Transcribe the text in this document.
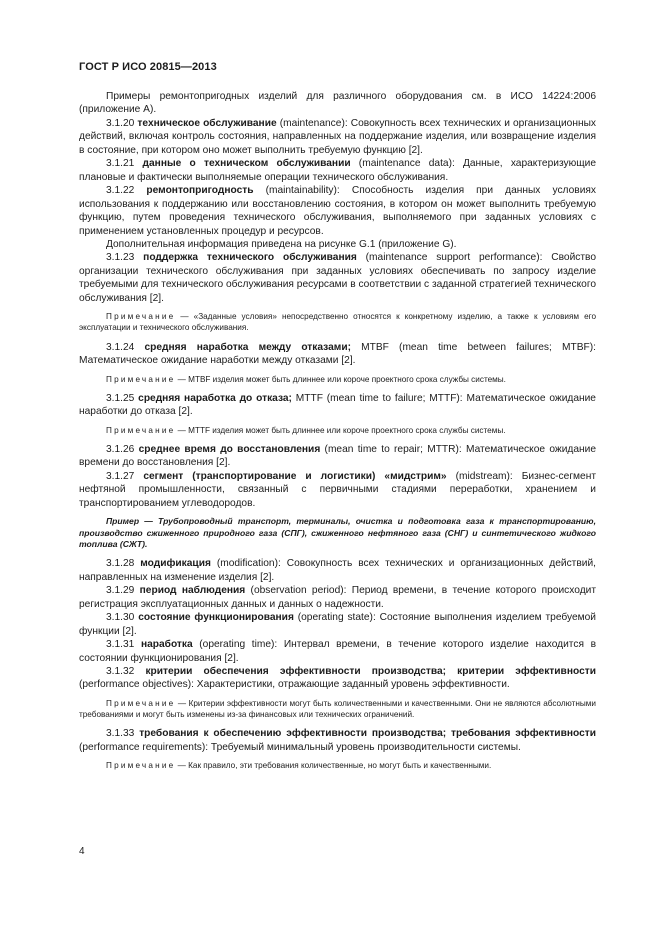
ГОСТ Р ИСО 20815—2013

Примеры ремонтопригодных изделий для различного оборудования см. в ИСО 14224:2006 (приложение А).

3.1.20 техническое обслуживание (maintenance): Совокупность всех технических и организационных действий, включая контроль состояния, направленных на поддержание изделия, или возвращение изделия в состояние, при котором оно может выполнить требуемую функцию [2].

3.1.21 данные о техническом обслуживании (maintenance data): Данные, характеризующие плановые и фактически выполняемые операции технического обслуживания.

3.1.22 ремонтопригодность (maintainability): Способность изделия при данных условиях использования к поддержанию или восстановлению состояния, в котором он может выполнить требуемую функцию, путем проведения технического обслуживания, выполняемого при заданных условиях с применением установленных процедур и ресурсов.

Дополнительная информация приведена на рисунке G.1 (приложение G).

3.1.23 поддержка технического обслуживания (maintenance support performance): Свойство организации технического обслуживания при заданных условиях обеспечивать по запросу изделие требуемыми для технического обслуживания ресурсами в соответствии с заданной стратегией технического обслуживания [2].

Примечание — «Заданные условия» непосредственно относятся к конкретному изделию, а также к условиям его эксплуатации и технического обслуживания.

3.1.24 средняя наработка между отказами; MTBF (mean time between failures; MTBF): Математическое ожидание наработки между отказами [2].

Примечание — MTBF изделия может быть длиннее или короче проектного срока службы системы.

3.1.25 средняя наработка до отказа; MTTF (mean time to failure; MTTF): Математическое ожидание наработки до отказа [2].

Примечание — MTTF изделия может быть длиннее или короче проектного срока службы системы.

3.1.26 среднее время до восстановления (mean time to repair; MTTR): Математическое ожидание времени до восстановления [2].

3.1.27 сегмент (транспортирование и логистики) «мидстрим» (midstream): Бизнес-сегмент нефтяной промышленности, связанный с первичными стадиями переработки, хранением и транспортированием углеводородов.

Пример — Трубопроводный транспорт, терминалы, очистка и подготовка газа к транспортированию, производство сжиженного природного газа (СПГ), сжиженного нефтяного газа (СНГ) и синтетического жидкого топлива (СЖТ).

3.1.28 модификация (modification): Совокупность всех технических и организационных действий, направленных на изменение изделия [2].

3.1.29 период наблюдения (observation period): Период времени, в течение которого происходит регистрация эксплуатационных данных и данных о надежности.

3.1.30 состояние функционирования (operating state): Состояние выполнения изделием требуемой функции [2].

3.1.31 наработка (operating time): Интервал времени, в течение которого изделие находится в состоянии функционирования [2].

3.1.32 критерии обеспечения эффективности производства; критерии эффективности (performance objectives): Характеристики, отражающие заданный уровень эффективности.

Примечание — Критерии эффективности могут быть количественными и качественными. Они не являются абсолютными требованиями и могут быть изменены из-за финансовых или технических ограничений.

3.1.33 требования к обеспечению эффективности производства; требования эффективности (performance requirements): Требуемый минимальный уровень производительности системы.

Примечание — Как правило, эти требования количественные, но могут быть и качественными.

4
